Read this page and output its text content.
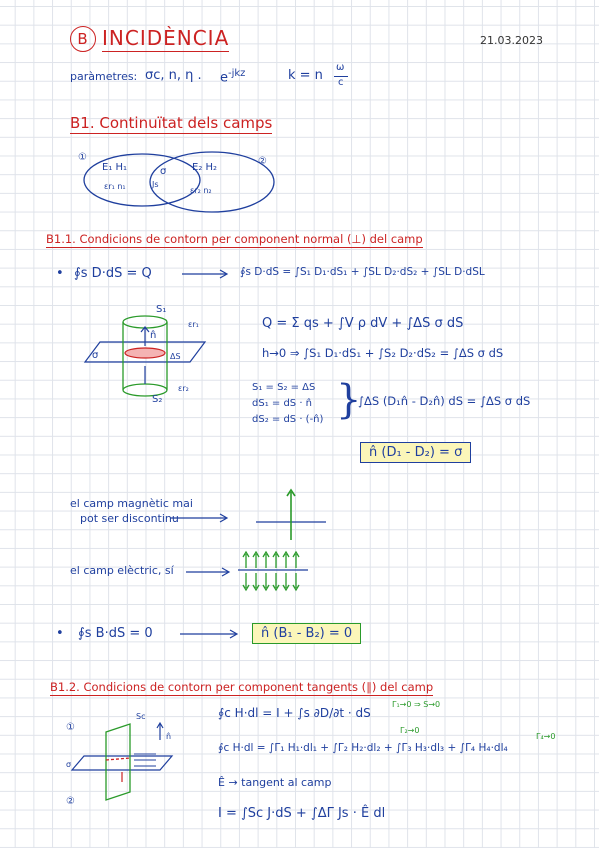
B INCIDÈNCIA	21.03.2023
paràmetres: σc, n, η . $e^{-jkz}$	k = n
ω
c
B1. Continuïtat dels camps
①	②
E₁ H₁
εr₁ n₁
σ
Js
E₂ H₂
εr₂ n₂
B1.1. Condicions de contorn per component normal (⊥) del camp
• ∮s D·dS = Q	∮s D·dS = ∫S₁ D₁·dS₁ + ∫SL D₂·dS₂ + ∫SL D·dSL
S₁
n̂
εr₁
σ	ΔS
εr₂
S₂
Q = Σ qs + ∫V ρ dV + ∫ΔS σ dS
h→0 ⇒ ∫S₁ D₁·dS₁ + ∫S₂ D₂·dS₂ = ∫ΔS σ dS
S₁ = S₂ = ΔS
dS₁ = dS · n̂
dS₂ = dS · (-n̂) }
∫ΔS (D₁n̂ - D₂n̂) dS = ∫ΔS σ dS
n̂ (D₁ - D₂) = σ
el camp magnètic mai
pot ser discontinu
el camp elèctric, sí
• ∮s B·dS = 0	n̂ (B₁ - B₂) = 0
B1.2. Condicions de contorn per component tangents (∥) del camp
①
②
Sc
n̂
σ
∮c H·dl = I + ∫s ∂D/∂t · dS
Γ₁→0 ⇒ S→0
Γ₂→0
Γ₄→0
∮c H·dl = ∫Γ₁ H₁·dl₁ + ∫Γ₂ H₂·dl₂ + ∫Γ₃ H₃·dl₃ + ∫Γ₄ H₄·dl₄
Ê → tangent al camp
I = ∫Sc J·dS + ∫ΔΓ Js · Ê dl
